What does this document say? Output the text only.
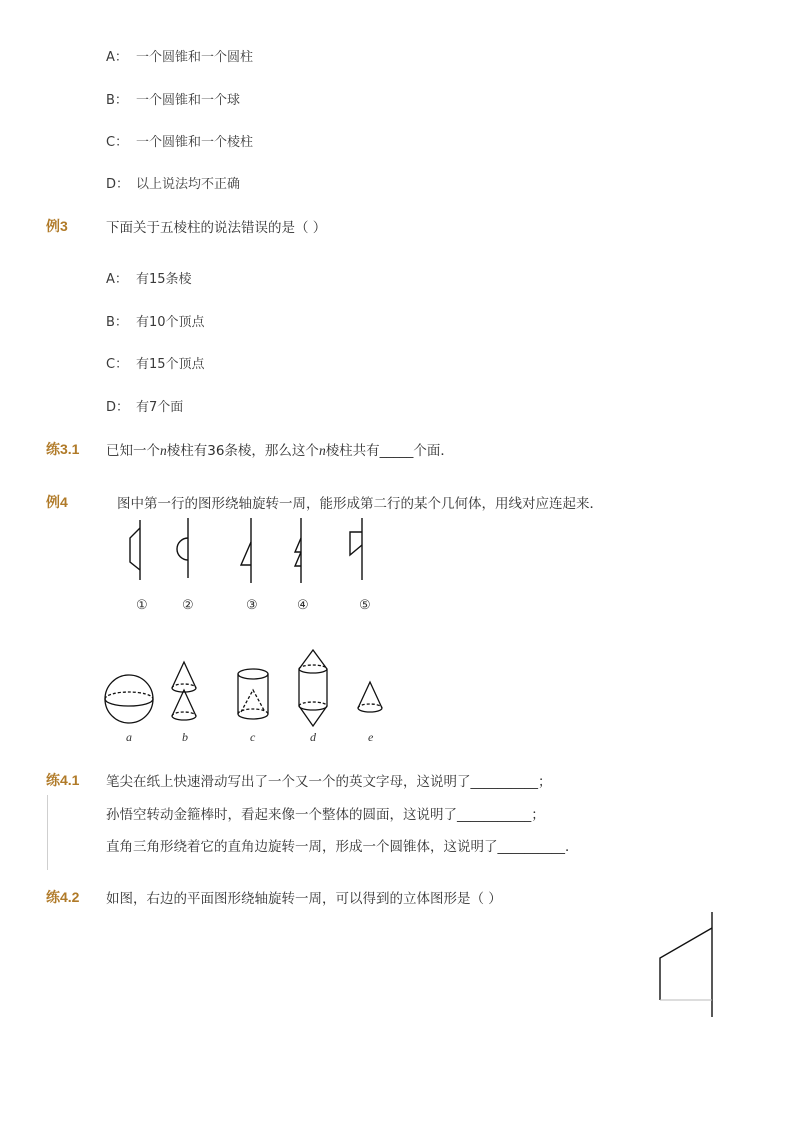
A： 一个圆锥和一个圆柱
B： 一个圆锥和一个球
C： 一个圆锥和一个棱柱
D： 以上说法均不正确
例3	下面关于五棱柱的说法错误的是（ ）
A： 有15条棱
B： 有10个顶点
C： 有15个顶点
D： 有7个面
练3.1 已知一个n棱柱有36条棱，那么这个n棱柱共有_____个面．
例4	图中第一行的图形绕轴旋转一周，能形成第二行的某个几何体，用线对应连起来．
①	②	③	④	⑤
a	b	c	d	e
练4.1 笔尖在纸上快速滑动写出了一个又一个的英文字母，这说明了__________；
孙悟空转动金箍棒时，看起来像一个整体的圆面，这说明了___________；
直角三角形绕着它的直角边旋转一周，形成一个圆锥体，这说明了__________．
练4.2 如图，右边的平面图形绕轴旋转一周，可以得到的立体图形是（ ）
